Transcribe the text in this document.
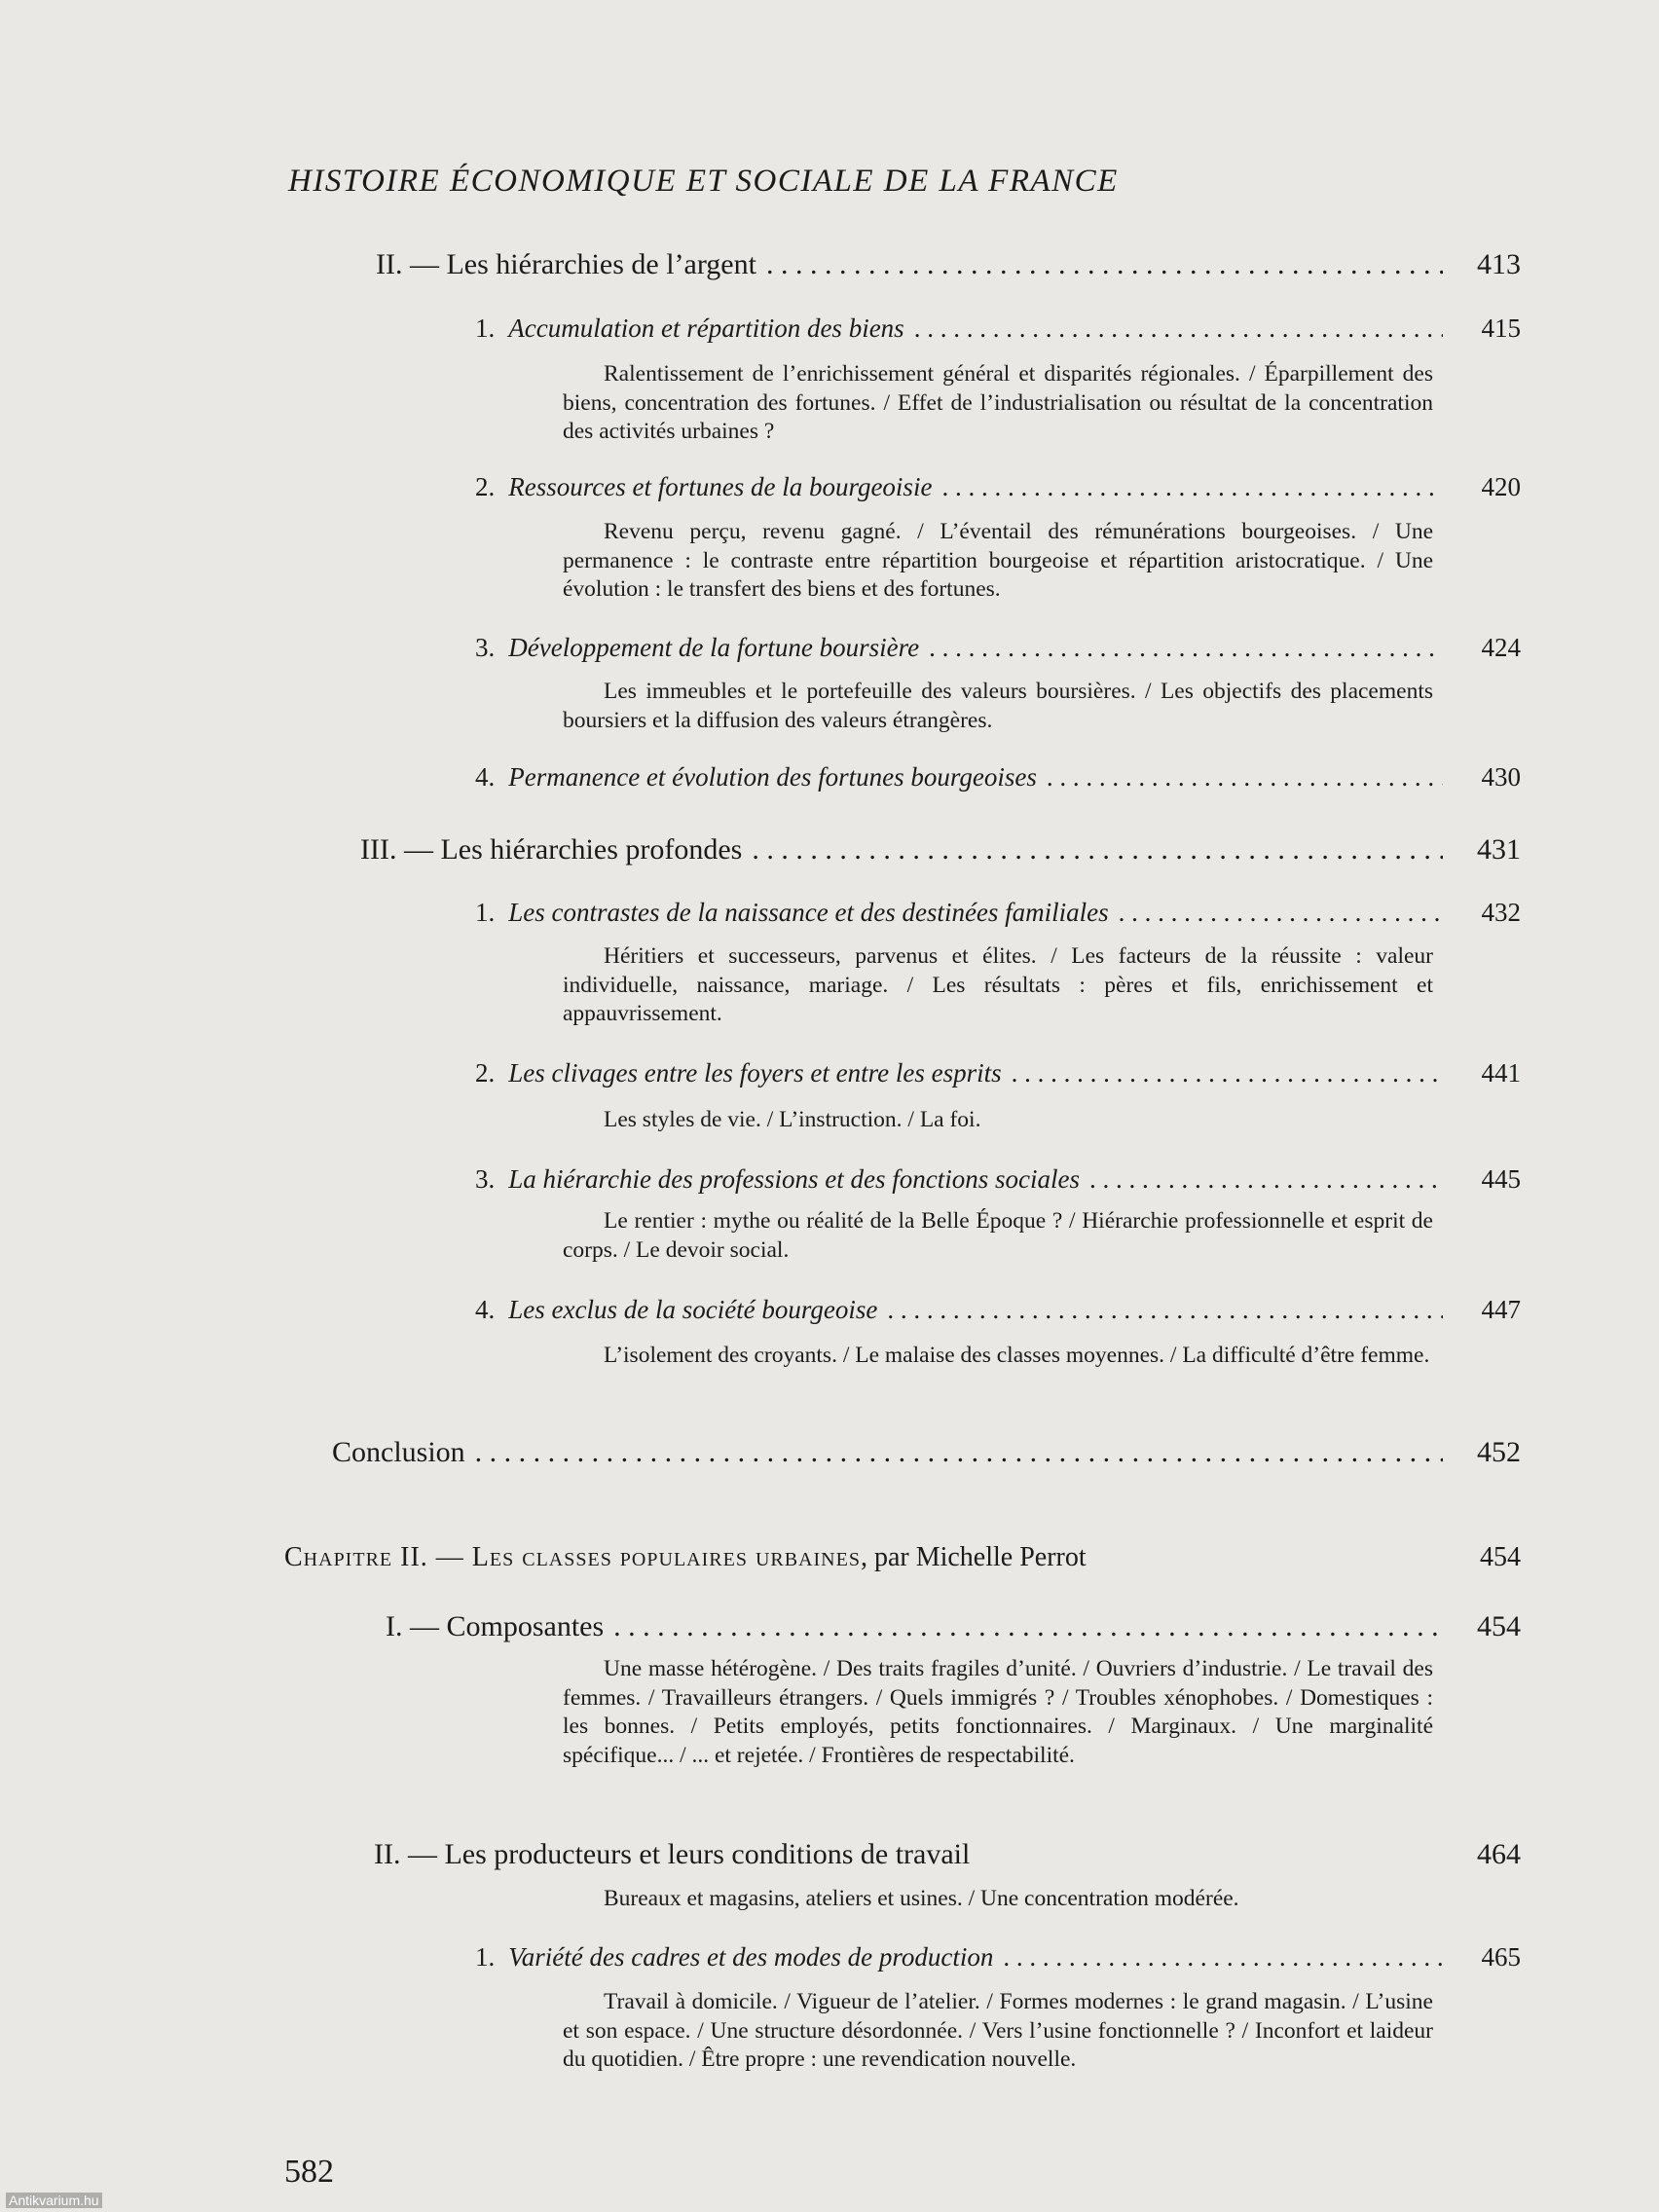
HISTOIRE ÉCONOMIQUE ET SOCIALE DE LA FRANCE
II. — Les hiérarchies de l’argent . . .	413
1. Accumulation et répartition des biens . . .	415
Ralentissement de l’enrichissement général et disparités régionales. / Éparpillement des biens, concentration des fortunes. / Effet de l’industrialisation ou résultat de la concentration des activités urbaines ?
2. Ressources et fortunes de la bourgeoisie . . .	420
Revenu perçu, revenu gagné. / L’éventail des rémunérations bourgeoises. / Une permanence : le contraste entre répartition bourgeoise et répartition aristocratique. / Une évolution : le transfert des biens et des fortunes.
3. Développement de la fortune boursière . . .	424
Les immeubles et le portefeuille des valeurs boursières. / Les objectifs des placements boursiers et la diffusion des valeurs étrangères.
4. Permanence et évolution des fortunes bourgeoises . . .	430
III. — Les hiérarchies profondes . . .	431
1. Les contrastes de la naissance et des destinées familiales . . .	432
Héritiers et successeurs, parvenus et élites. / Les facteurs de la réussite : valeur individuelle, naissance, mariage. / Les résultats : pères et fils, enrichissement et appauvrissement.
2. Les clivages entre les foyers et entre les esprits . . .	441
Les styles de vie. / L’instruction. / La foi.
3. La hiérarchie des professions et des fonctions sociales . . .	445
Le rentier : mythe ou réalité de la Belle Époque ? / Hiérarchie professionnelle et esprit de corps. / Le devoir social.
4. Les exclus de la société bourgeoise . . .	447
L’isolement des croyants. / Le malaise des classes moyennes. / La difficulté d’être femme.
Conclusion . . .	452
Chapitre II. — Les classes populaires urbaines, par Michelle Perrot	454
I. — Composantes . . .	454
Une masse hétérogène. / Des traits fragiles d’unité. / Ouvriers d’industrie. / Le travail des femmes. / Travailleurs étrangers. / Quels immigrés ? / Troubles xénophobes. / Domestiques : les bonnes. / Petits employés, petits fonctionnaires. / Marginaux. / Une marginalité spécifique... / ... et rejetée. / Frontières de respectabilité.
II. — Les producteurs et leurs conditions de travail	464
Bureaux et magasins, ateliers et usines. / Une concentration modérée.
1. Variété des cadres et des modes de production . . .	465
Travail à domicile. / Vigueur de l’atelier. / Formes modernes : le grand magasin. / L’usine et son espace. / Une structure désordonnée. / Vers l’usine fonctionnelle ? / Inconfort et laideur du quotidien. / Être propre : une revendication nouvelle.
582
Antikvarium.hu
